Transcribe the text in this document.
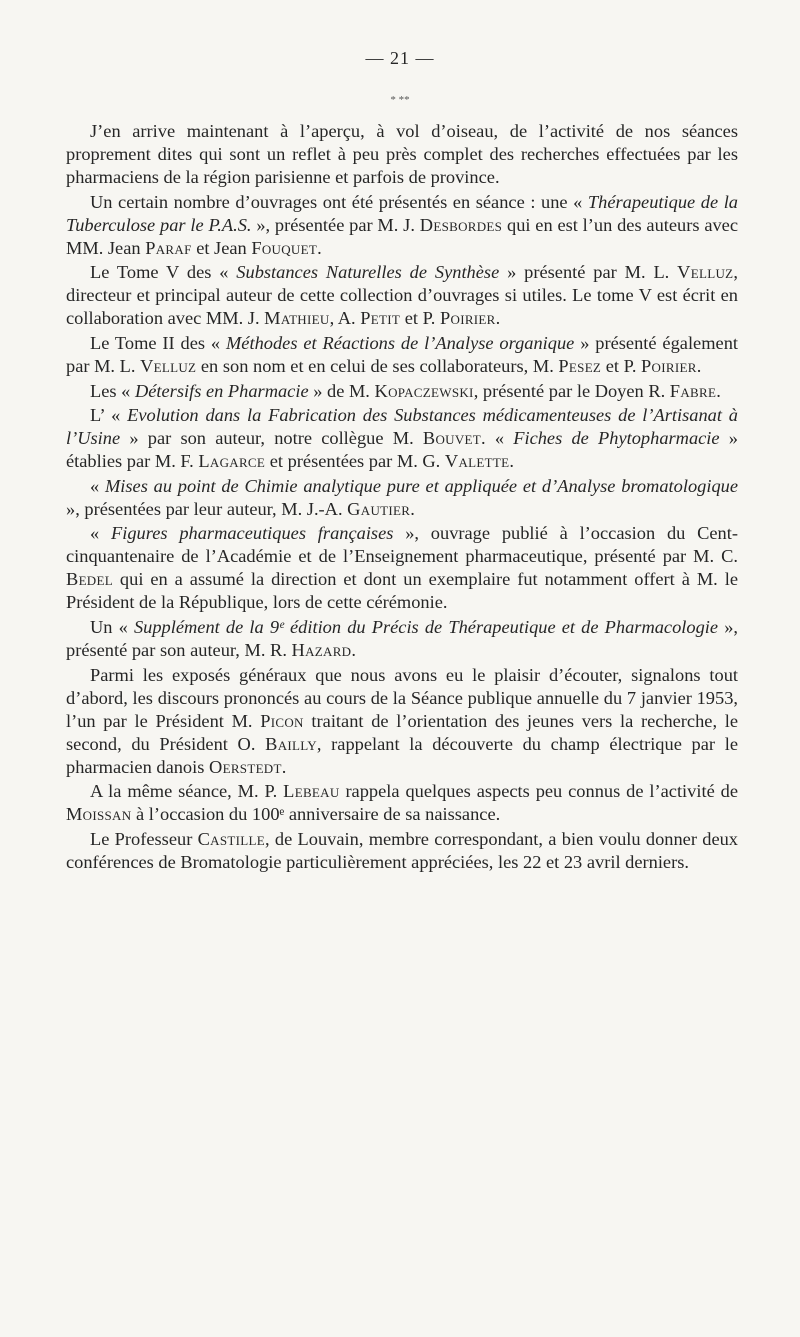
— 21 —
* **

J’en arrive maintenant à l’aperçu, à vol d’oiseau, de l’activité de nos séances proprement dites qui sont un reflet à peu près complet des recherches effectuées par les pharmaciens de la région parisienne et parfois de province.

Un certain nombre d’ouvrages ont été présentés en séance : une « Thérapeutique de la Tuberculose par le P.A.S. », présentée par M. J. Desbordes qui en est l’un des auteurs avec MM. Jean Paraf et Jean Fouquet.

Le Tome V des « Substances Naturelles de Synthèse » présenté par M. L. Velluz, directeur et principal auteur de cette collection d’ouvrages si utiles. Le tome V est écrit en collaboration avec MM. J. Mathieu, A. Petit et P. Poirier.

Le Tome II des « Méthodes et Réactions de l’Analyse organique » présenté également par M. L. Velluz en son nom et en celui de ses collaborateurs, M. Pesez et P. Poirier.

Les « Détersifs en Pharmacie » de M. Kopaczewski, présenté par le Doyen R. Fabre.

L’ « Evolution dans la Fabrication des Substances médicamenteuses de l’Artisanat à l’Usine » par son auteur, notre collègue M. Bouvet. « Fiches de Phytopharmacie » établies par M. F. Lagarce et présentées par M. G. Valette.

« Mises au point de Chimie analytique pure et appliquée et d’Analyse bromatologique », présentées par leur auteur, M. J.-A. Gautier.

« Figures pharmaceutiques françaises », ouvrage publié à l’occasion du Cent-cinquantenaire de l’Académie et de l’Enseignement pharmaceutique, présenté par M. C. Bedel qui en a assumé la direction et dont un exemplaire fut notamment offert à M. le Président de la République, lors de cette cérémonie.

Un « Supplément de la 9ᵉ édition du Précis de Thérapeutique et de Pharmacologie », présenté par son auteur, M. R. Hazard.

Parmi les exposés généraux que nous avons eu le plaisir d’écouter, signalons tout d’abord, les discours prononcés au cours de la Séance publique annuelle du 7 janvier 1953, l’un par le Président M. Picon traitant de l’orientation des jeunes vers la recherche, le second, du Président O. Bailly, rappelant la découverte du champ électrique par le pharmacien danois Oerstedt.

A la même séance, M. P. Lebeau rappela quelques aspects peu connus de l’activité de Moissan à l’occasion du 100ᵉ anniversaire de sa naissance.

Le Professeur Castille, de Louvain, membre correspondant, a bien voulu donner deux conférences de Bromatologie particulièrement appréciées, les 22 et 23 avril derniers.
